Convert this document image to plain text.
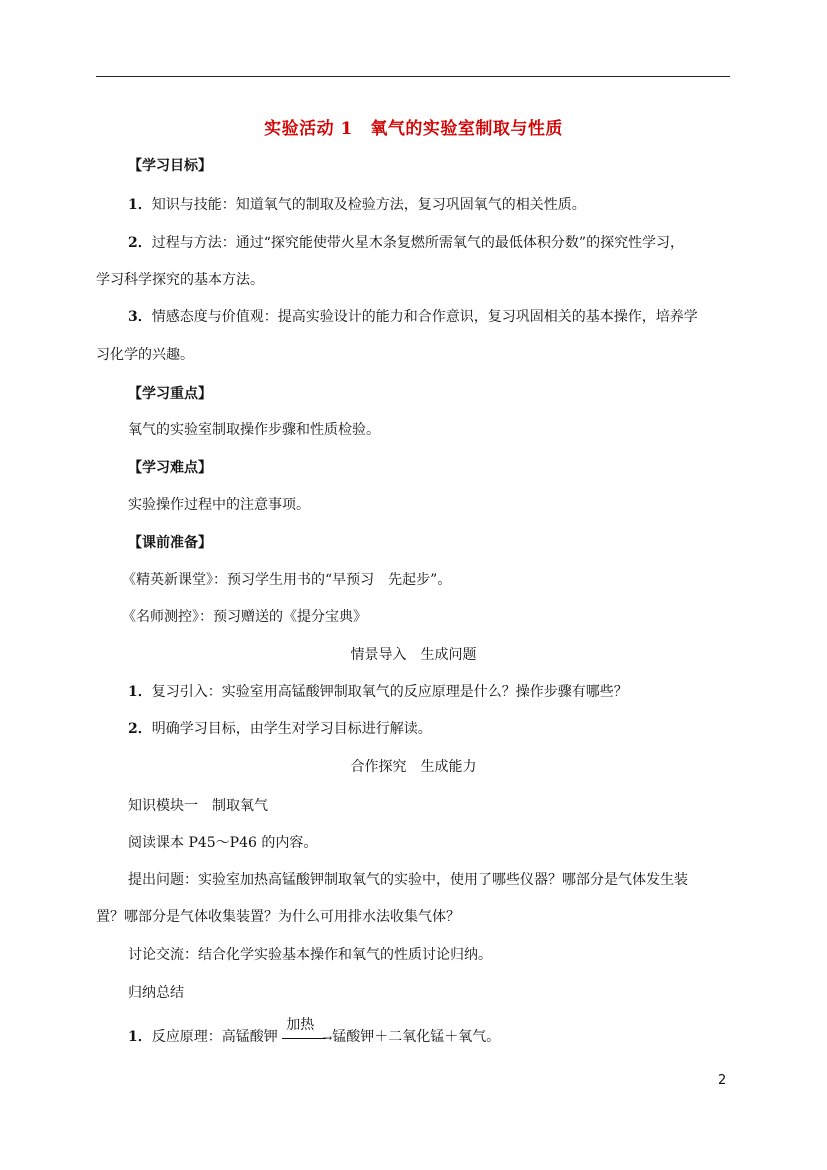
实验活动 1　氧气的实验室制取与性质
【学习目标】
1．知识与技能：知道氧气的制取及检验方法，复习巩固氧气的相关性质。
2．过程与方法：通过“探究能使带火星木条复燃所需氧气的最低体积分数”的探究性学习，
学习科学探究的基本方法。
3．情感态度与价值观：提高实验设计的能力和合作意识，复习巩固相关的基本操作，培养学
习化学的兴趣。
【学习重点】
氧气的实验室制取操作步骤和性质检验。
【学习难点】
实验操作过程中的注意事项。
【课前准备】
《精英新课堂》：预习学生用书的“早预习　先起步”。
《名师测控》：预习赠送的《提分宝典》
情景导入　生成问题
1．复习引入：实验室用高锰酸钾制取氧气的反应原理是什么？操作步骤有哪些？
2．明确学习目标，由学生对学习目标进行解读。
合作探究　生成能力
知识模块一　制取氧气
阅读课本 P45～P46 的内容。
提出问题：实验室加热高锰酸钾制取氧气的实验中，使用了哪些仪器？哪部分是气体发生装
置？哪部分是气体收集装置？为什么可用排水法收集气体？
讨论交流：结合化学实验基本操作和氧气的性质讨论归纳。
归纳总结
1．反应原理：高锰酸钾
加热
→ 锰酸钾＋二氧化锰＋氧气。
2
